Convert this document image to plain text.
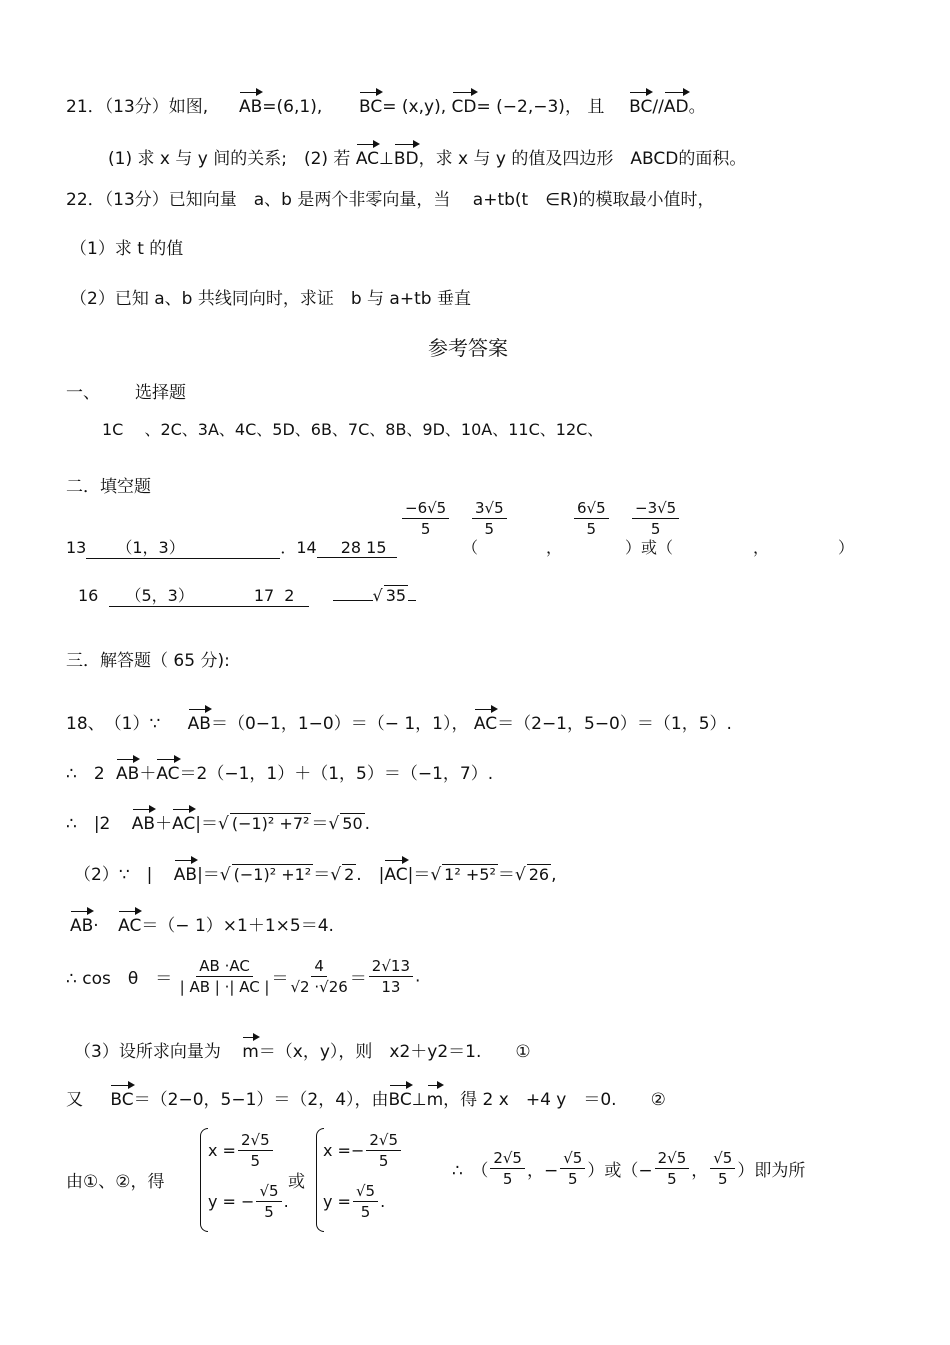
21．（13分）如图, AB=(6,1), BC= (x,y), CD= (−2,−3)， 且 BC//AD。
(1) 求 x 与 y 间的关系;　(2) 若 AC⊥BD，求 x 与 y 的值及四边形　ABCD的面积。
22．（13分）已知向量　a、b 是两个非零向量，当　 a+tb(t　∈R)的模取最小值时，
（1）求 t 的值
（2）已知 a、b 共线同向时，求证　b 与 a+tb 垂直
参考答案
一、 选择题
1C　 、2C、3A、4C、5D、6B、7C、8B、9D、10A、11C、12C、
二．填空题
$\frac{-6√5}{5} \frac{3√5}{5}$	$\frac{6√5}{5} \frac{-3√5}{5}$
13 （1，3）	．14 28 15	（	，	）或（	，	）
16 （5，3）	17 2	√ 35
三．解答题（ 65 分):
18、　（1）∵ AB＝（0−1，1−0）＝（− 1，1）， AC＝（2−1，5−0）＝（1，5）.
∴　2 AB＋AC＝2（−1，1）＋（1，5）＝（−1，7）.
∴　|2 AB＋AC|＝√ (−1)² +7² ＝√ 50 .
（2）∵　| AB|＝√ (−1)² +1² ＝√ 2 .　|AC|＝√ 1² +5² ＝√ 26 ,
AB· AC＝（− 1）×1＋1×5＝4.
∴ cos　θ　＝ $\frac{AB \cdot AC}{| AB | \cdot| AC |} = \frac{4}{√2 \cdot√26} = \frac{2√13}{13}$ .
（3）设所求向量为 m＝（x，y），则　x2＋y2＝1.　　①
又 BC＝（2−0，5−1）＝（2，4），由BC⊥m，得 2 x　+4 y　＝0.　　②
由①、②，得
$x = \frac{2√5}{5}$
y = − $\frac{√5}{5}$ .
或
$x =- \frac{2√5}{5}$
$y = \frac{√5}{5}$ .
∴　（ $\frac{2√5}{5}$ ，− $\frac{√5}{5}$ ）或（− $\frac{2√5}{5}$ ， $\frac{√5}{5}$ ）即为所
